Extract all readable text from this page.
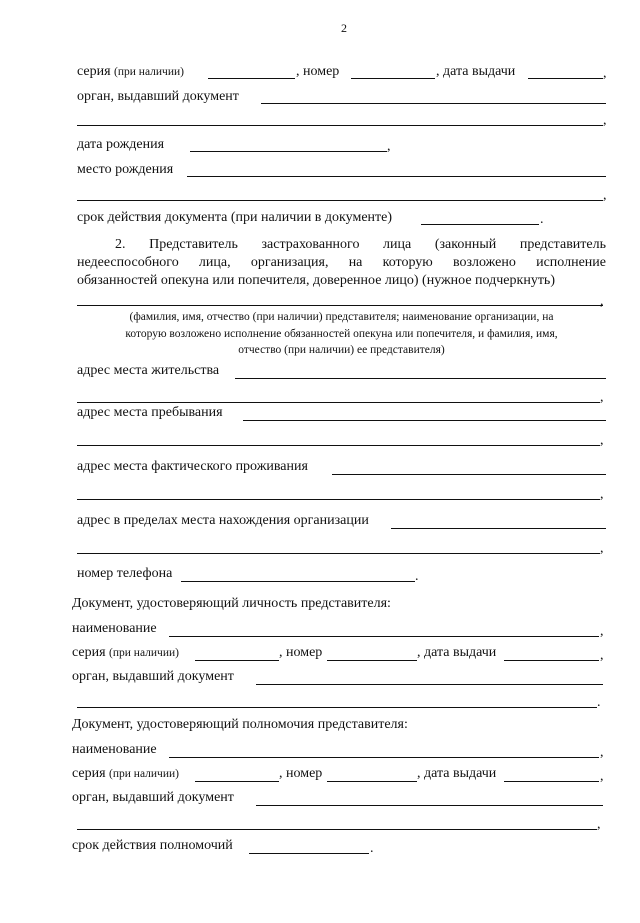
2
серия (при наличии)	, номер	, дата выдачи	,
орган, выдавший документ
,
дата рождения	,
место рождения
,
срок действия документа (при наличии в документе)	.
2. Представитель застрахованного лица (законный представитель
недееспособного лица, организация, на которую возложено исполнение
обязанностей опекуна или попечителя, доверенное лицо) (нужное подчеркнуть)
,
(фамилия, имя, отчество (при наличии) представителя; наименование организации, на
которую возложено исполнение обязанностей опекуна или попечителя, и фамилия, имя,
отчество (при наличии) ее представителя)
адрес места жительства
,
адрес места пребывания
,
адрес места фактического проживания
,
адрес в пределах места нахождения организации
,
номер телефона	.
Документ, удостоверяющий личность представителя:
наименование	,
серия (при наличии)	, номер	, дата выдачи	,
орган, выдавший документ
.
Документ, удостоверяющий полномочия представителя:
наименование	,
серия (при наличии)	, номер	, дата выдачи	,
орган, выдавший документ
,
срок действия полномочий	.
